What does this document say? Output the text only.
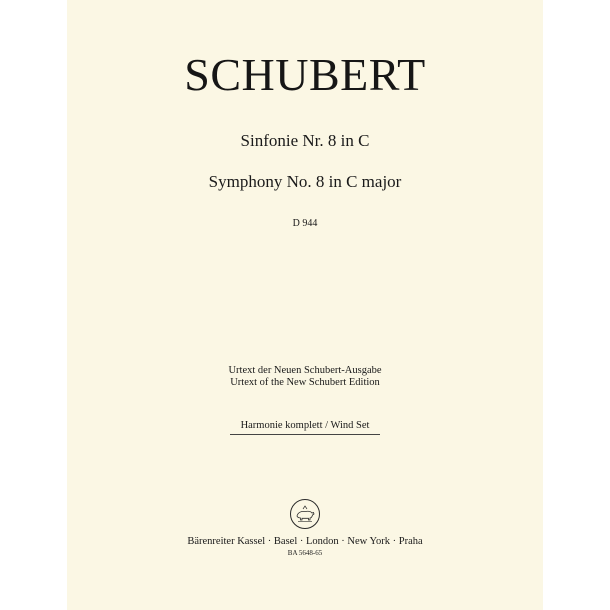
SCHUBERT
Sinfonie Nr. 8 in C
Symphony No. 8 in C major
D 944
Urtext der Neuen Schubert-Ausgabe
Urtext of the New Schubert Edition
Harmonie komplett / Wind Set
Bärenreiter Kassel · Basel · London · New York · Praha
BA 5648-65
